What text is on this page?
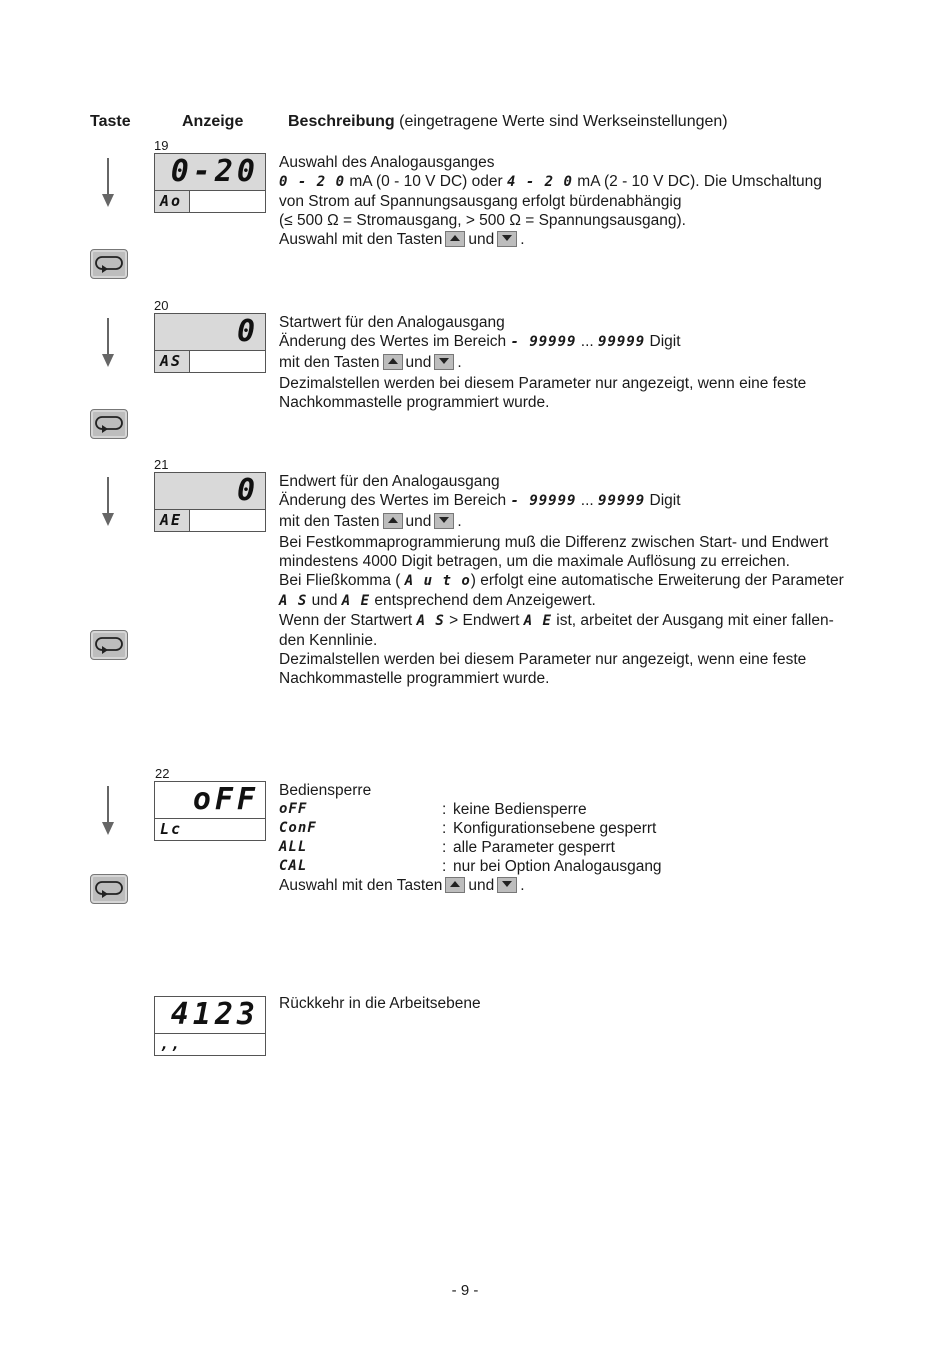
Taste	Anzeige	Beschreibung (eingetragene Werte sind Werkseinstellungen)
19
0-20
Ao
Auswahl des Analogausganges
0 - 2 0 mA (0 - 10 V DC) oder 4 - 2 0 mA (2 - 10 V DC). Die Umschaltung
von Strom auf Spannungsausgang erfolgt bürdenabhängig
(≤ 500 Ω = Stromausgang, > 500 Ω = Spannungsausgang).
Auswahl mit den Tasten und .
20
0
AS
Startwert für den Analogausgang
Änderung des Wertes im Bereich - 99999 ... 99999 Digit
mit den Tasten und .
Dezimalstellen werden bei diesem Parameter nur angezeigt, wenn eine feste
Nachkommastelle programmiert wurde.
21
0
AE
Endwert für den Analogausgang
Änderung des Wertes im Bereich - 99999 ... 99999 Digit
mit den Tasten und .
Bei Festkommaprogrammierung muß die Differenz zwischen Start- und Endwert
mindestens 4000 Digit betragen, um die maximale Auflösung zu erreichen.
Bei Fließkomma ( A u t o) erfolgt eine automatische Erweiterung der Parameter
A S und A E entsprechend dem Anzeigewert.
Wenn der Startwert A S > Endwert A E ist, arbeitet der Ausgang mit einer fallen-
den Kennlinie.
Dezimalstellen werden bei diesem Parameter nur angezeigt, wenn eine feste
Nachkommastelle programmiert wurde.
22
oFF
Lc
Bediensperre
oFF	: keine Bediensperre
ConF	: Konfigurationsebene gesperrt
ALL	: alle Parameter gesperrt
CAL	: nur bei Option Analogausgang
Auswahl mit den Tasten und .
4123
,,
Rückkehr in die Arbeitsebene
- 9 -
